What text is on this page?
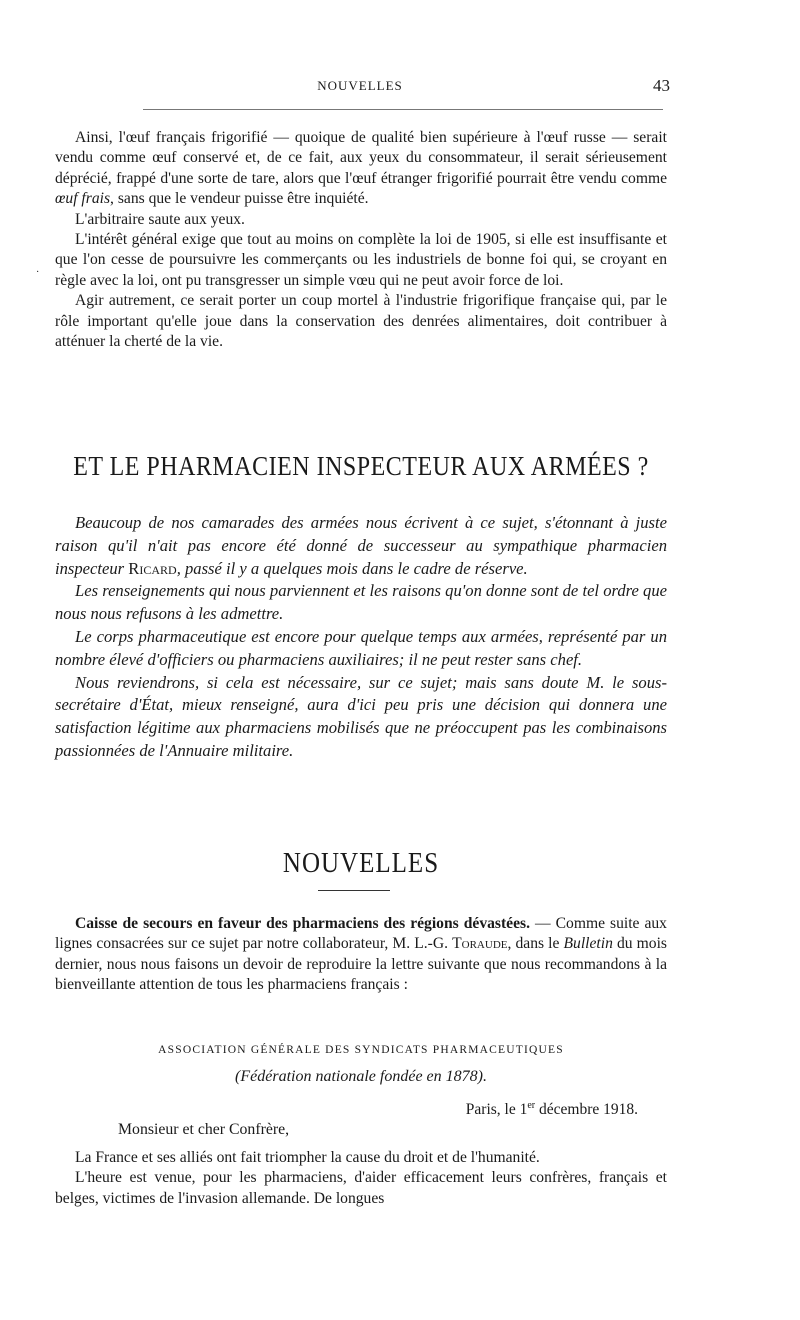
NOUVELLES	43
·

Ainsi, l'œuf français frigorifié — quoique de qualité bien supérieure à l'œuf russe — serait vendu comme œuf conservé et, de ce fait, aux yeux du consommateur, il serait sérieusement déprécié, frappé d'une sorte de tare, alors que l'œuf étranger frigorifié pourrait être vendu comme œuf frais, sans que le vendeur puisse être inquiété.

L'arbitraire saute aux yeux.

L'intérêt général exige que tout au moins on complète la loi de 1905, si elle est insuffisante et que l'on cesse de poursuivre les commerçants ou les industriels de bonne foi qui, se croyant en règle avec la loi, ont pu transgresser un simple vœu qui ne peut avoir force de loi.

Agir autrement, ce serait porter un coup mortel à l'industrie frigorifique française qui, par le rôle important qu'elle joue dans la conservation des denrées alimentaires, doit contribuer à atténuer la cherté de la vie.

ET LE PHARMACIEN INSPECTEUR AUX ARMÉES ?

Beaucoup de nos camarades des armées nous écrivent à ce sujet, s'étonnant à juste raison qu'il n'ait pas encore été donné de successeur au sympathique pharmacien inspecteur Ricard, passé il y a quelques mois dans le cadre de réserve.

Les renseignements qui nous parviennent et les raisons qu'on donne sont de tel ordre que nous nous refusons à les admettre.

Le corps pharmaceutique est encore pour quelque temps aux armées, représenté par un nombre élevé d'officiers ou pharmaciens auxiliaires; il ne peut rester sans chef.

Nous reviendrons, si cela est nécessaire, sur ce sujet; mais sans doute M. le sous-secrétaire d'État, mieux renseigné, aura d'ici peu pris une décision qui donnera une satisfaction légitime aux pharmaciens mobilisés que ne préoccupent pas les combinaisons passionnées de l'Annuaire militaire.

NOUVELLES

Caisse de secours en faveur des pharmaciens des régions dévastées. — Comme suite aux lignes consacrées sur ce sujet par notre collaborateur, M. L.-G. Toraude, dans le Bulletin du mois dernier, nous nous faisons un devoir de reproduire la lettre suivante que nous recommandons à la bienveillante attention de tous les pharmaciens français :

ASSOCIATION GÉNÉRALE DES SYNDICATS PHARMACEUTIQUES
(Fédération nationale fondée en 1878).
Paris, le 1er décembre 1918.
Monsieur et cher Confrère,

La France et ses alliés ont fait triompher la cause du droit et de l'humanité.

L'heure est venue, pour les pharmaciens, d'aider efficacement leurs confrères, français et belges, victimes de l'invasion allemande. De longues
